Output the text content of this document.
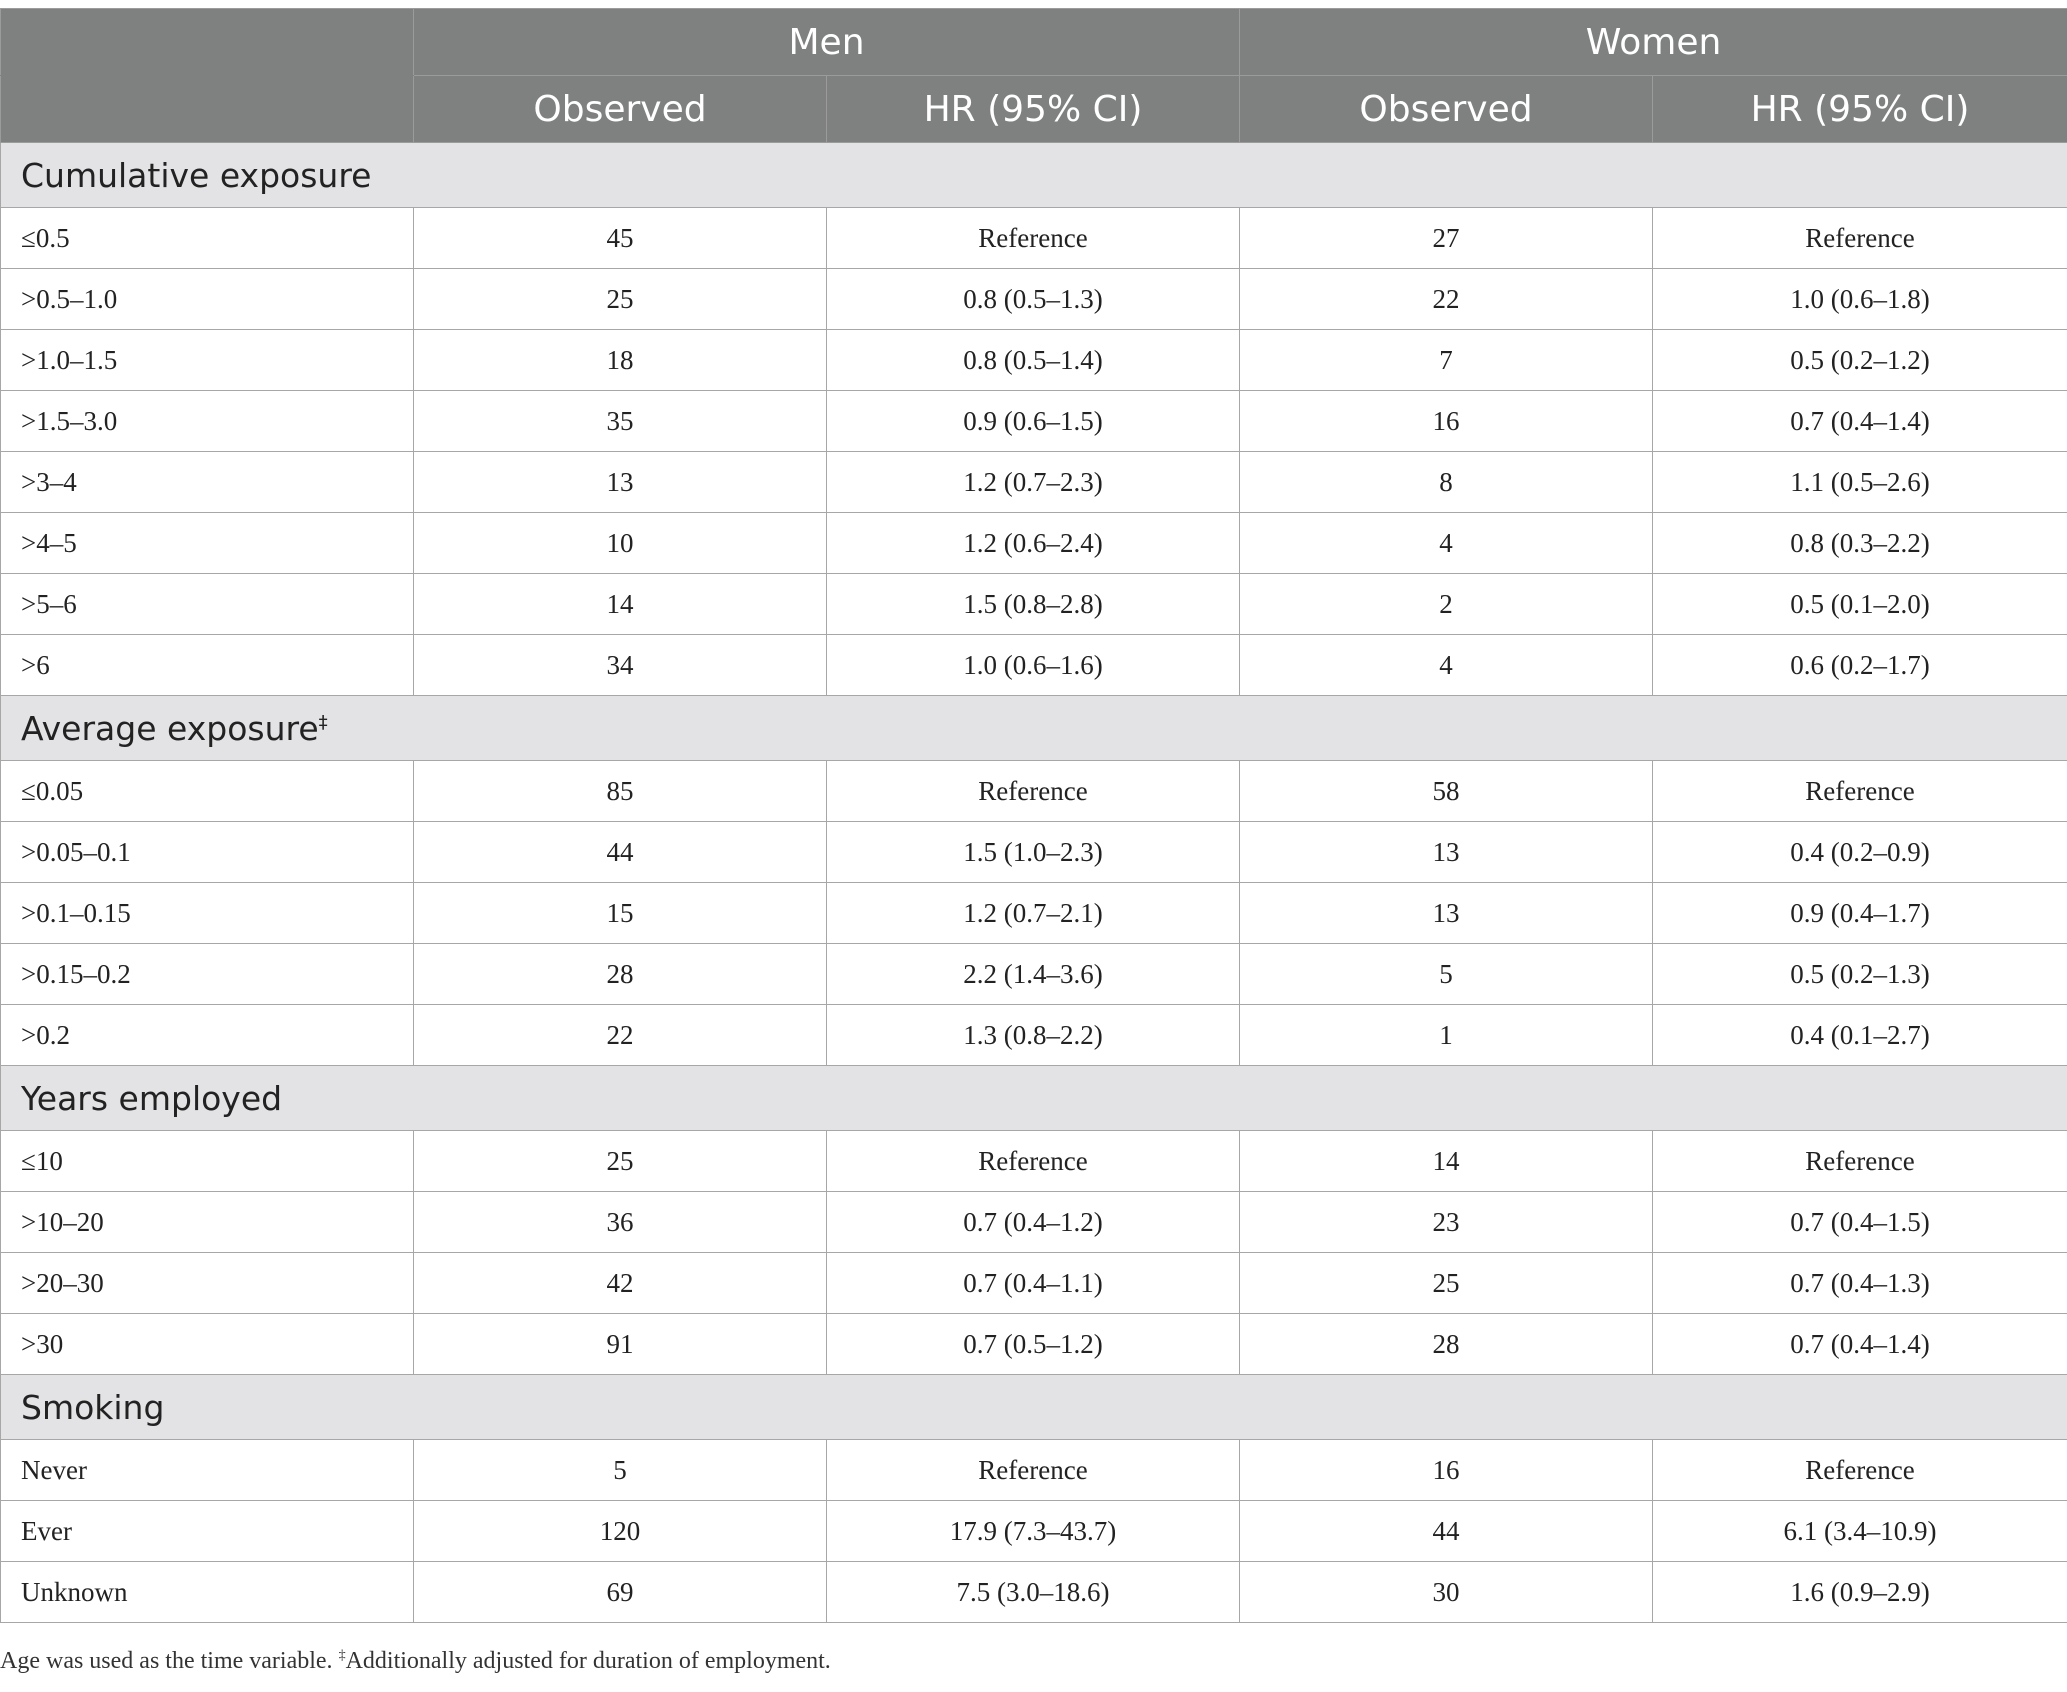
	Men		Women	
	Observed	HR (95% CI)	Observed	HR (95% CI)
Cumulative exposure				
≤0.5	45	Reference	27	Reference
>0.5–1.0	25	0.8 (0.5–1.3)	22	1.0 (0.6–1.8)
>1.0–1.5	18	0.8 (0.5–1.4)	7	0.5 (0.2–1.2)
>1.5–3.0	35	0.9 (0.6–1.5)	16	0.7 (0.4–1.4)
>3–4	13	1.2 (0.7–2.3)	8	1.1 (0.5–2.6)
>4–5	10	1.2 (0.6–2.4)	4	0.8 (0.3–2.2)
>5–6	14	1.5 (0.8–2.8)	2	0.5 (0.1–2.0)
>6	34	1.0 (0.6–1.6)	4	0.6 (0.2–1.7)
Average exposure‡
≤0.05	85	Reference	58	Reference
>0.05–0.1	44	1.5 (1.0–2.3)	13	0.4 (0.2–0.9)
>0.1–0.15	15	1.2 (0.7–2.1)	13	0.9 (0.4–1.7)
>0.15–0.2	28	2.2 (1.4–3.6)	5	0.5 (0.2–1.3)
>0.2	22	1.3 (0.8–2.2)	1	0.4 (0.1–2.7)
Years employed				
≤10	25	Reference	14	Reference
>10–20	36	0.7 (0.4–1.2)	23	0.7 (0.4–1.5)
>20–30	42	0.7 (0.4–1.1)	25	0.7 (0.4–1.3)
>30	91	0.7 (0.5–1.2)	28	0.7 (0.4–1.4)
Smoking				
Never	5	Reference	16	Reference
Ever	120	17.9 (7.3–43.7)	44	6.1 (3.4–10.9)
Unknown	69	7.5 (3.0–18.6)	30	1.6 (0.9–2.9)
Age was used as the time variable. ‡Additionally adjusted for duration of employment.
